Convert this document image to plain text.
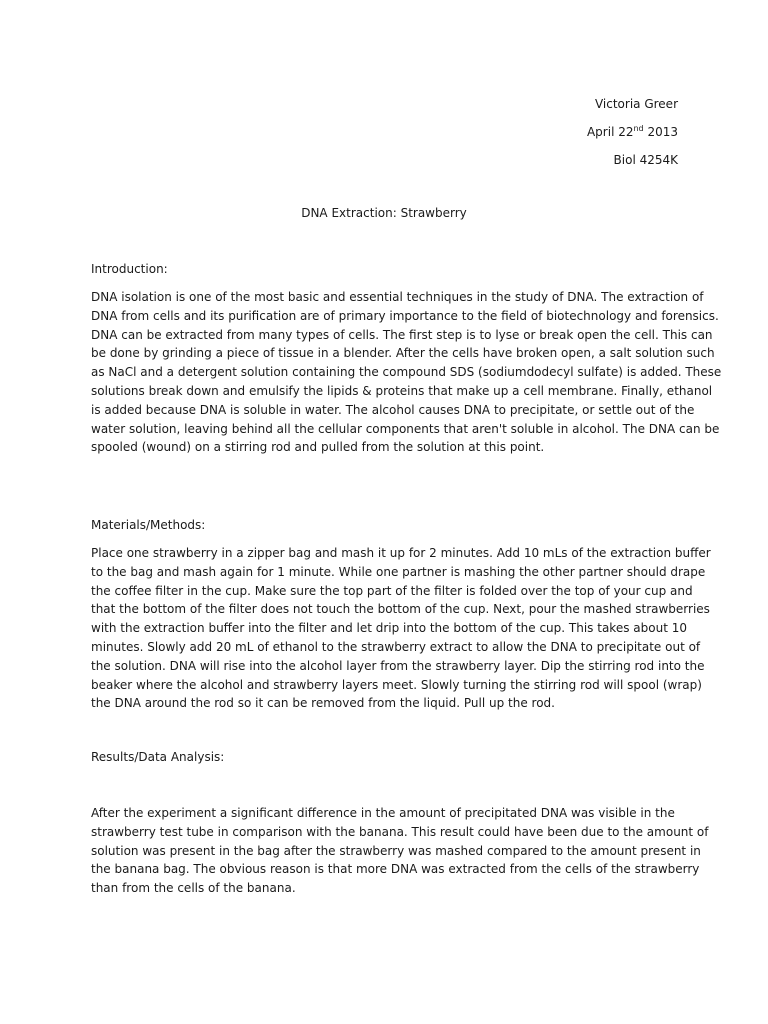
Victoria Greer
April 22nd 2013
Biol 4254K
DNA Extraction: Strawberry
Introduction:
DNA isolation is one of the most basic and essential techniques in the study of DNA. The extraction of
DNA from cells and its purification are of primary importance to the field of biotechnology and forensics.
DNA can be extracted from many types of cells. The first step is to lyse or break open the cell. This can
be done by grinding a piece of tissue in a blender. After the cells have broken open, a salt solution such
as NaCl and a detergent solution containing the compound SDS (sodiumdodecyl sulfate) is added. These
solutions break down and emulsify the lipids & proteins that make up a cell membrane. Finally, ethanol
is added because DNA is soluble in water. The alcohol causes DNA to precipitate, or settle out of the
water solution, leaving behind all the cellular components that aren't soluble in alcohol. The DNA can be
spooled (wound) on a stirring rod and pulled from the solution at this point.
Materials/Methods:
Place one strawberry in a zipper bag and mash it up for 2 minutes. Add 10 mLs of the extraction buffer
to the bag and mash again for 1 minute. While one partner is mashing the other partner should drape
the coffee filter in the cup. Make sure the top part of the filter is folded over the top of your cup and
that the bottom of the filter does not touch the bottom of the cup. Next, pour the mashed strawberries
with the extraction buffer into the filter and let drip into the bottom of the cup. This takes about 10
minutes. Slowly add 20 mL of ethanol to the strawberry extract to allow the DNA to precipitate out of
the solution. DNA will rise into the alcohol layer from the strawberry layer. Dip the stirring rod into the
beaker where the alcohol and strawberry layers meet. Slowly turning the stirring rod will spool (wrap)
the DNA around the rod so it can be removed from the liquid. Pull up the rod.
Results/Data Analysis:
After the experiment a significant difference in the amount of precipitated DNA was visible in the
strawberry test tube in comparison with the banana. This result could have been due to the amount of
solution was present in the bag after the strawberry was mashed compared to the amount present in
the banana bag. The obvious reason is that more DNA was extracted from the cells of the strawberry
than from the cells of the banana.
